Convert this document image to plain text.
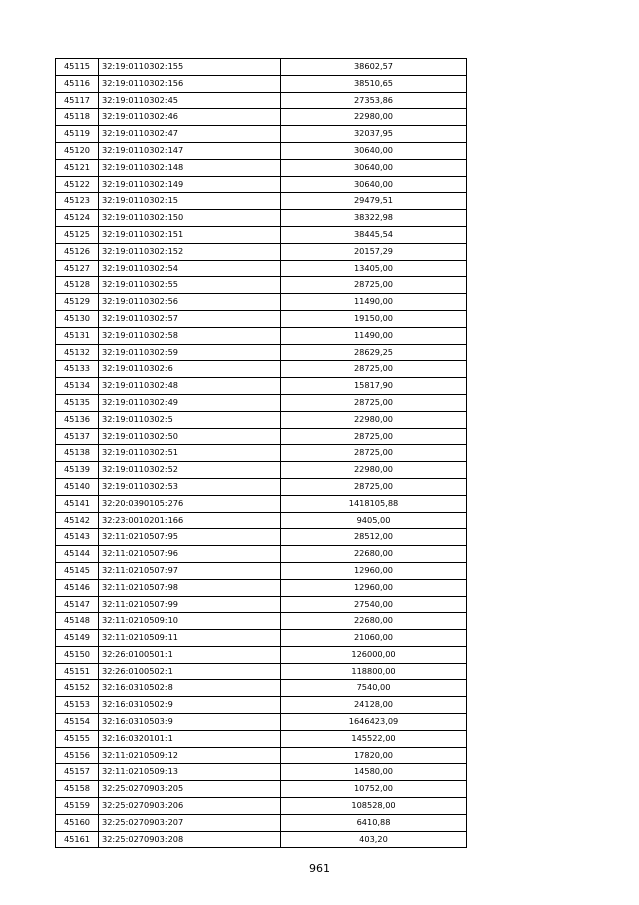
45115	32:19:0110302:155	38602,57
45116	32:19:0110302:156	38510,65
45117	32:19:0110302:45	27353,86
45118	32:19:0110302:46	22980,00
45119	32:19:0110302:47	32037,95
45120	32:19:0110302:147	30640,00
45121	32:19:0110302:148	30640,00
45122	32:19:0110302:149	30640,00
45123	32:19:0110302:15	29479,51
45124	32:19:0110302:150	38322,98
45125	32:19:0110302:151	38445,54
45126	32:19:0110302:152	20157,29
45127	32:19:0110302:54	13405,00
45128	32:19:0110302:55	28725,00
45129	32:19:0110302:56	11490,00
45130	32:19:0110302:57	19150,00
45131	32:19:0110302:58	11490,00
45132	32:19:0110302:59	28629,25
45133	32:19:0110302:6	28725,00
45134	32:19:0110302:48	15817,90
45135	32:19:0110302:49	28725,00
45136	32:19:0110302:5	22980,00
45137	32:19:0110302:50	28725,00
45138	32:19:0110302:51	28725,00
45139	32:19:0110302:52	22980,00
45140	32:19:0110302:53	28725,00
45141	32:20:0390105:276	1418105,88
45142	32:23:0010201:166	9405,00
45143	32:11:0210507:95	28512,00
45144	32:11:0210507:96	22680,00
45145	32:11:0210507:97	12960,00
45146	32:11:0210507:98	12960,00
45147	32:11:0210507:99	27540,00
45148	32:11:0210509:10	22680,00
45149	32:11:0210509:11	21060,00
45150	32:26:0100501:1	126000,00
45151	32:26:0100502:1	118800,00
45152	32:16:0310502:8	7540,00
45153	32:16:0310502:9	24128,00
45154	32:16:0310503:9	1646423,09
45155	32:16:0320101:1	145522,00
45156	32:11:0210509:12	17820,00
45157	32:11:0210509:13	14580,00
45158	32:25:0270903:205	10752,00
45159	32:25:0270903:206	108528,00
45160	32:25:0270903:207	6410,88
45161	32:25:0270903:208	403,20
961
